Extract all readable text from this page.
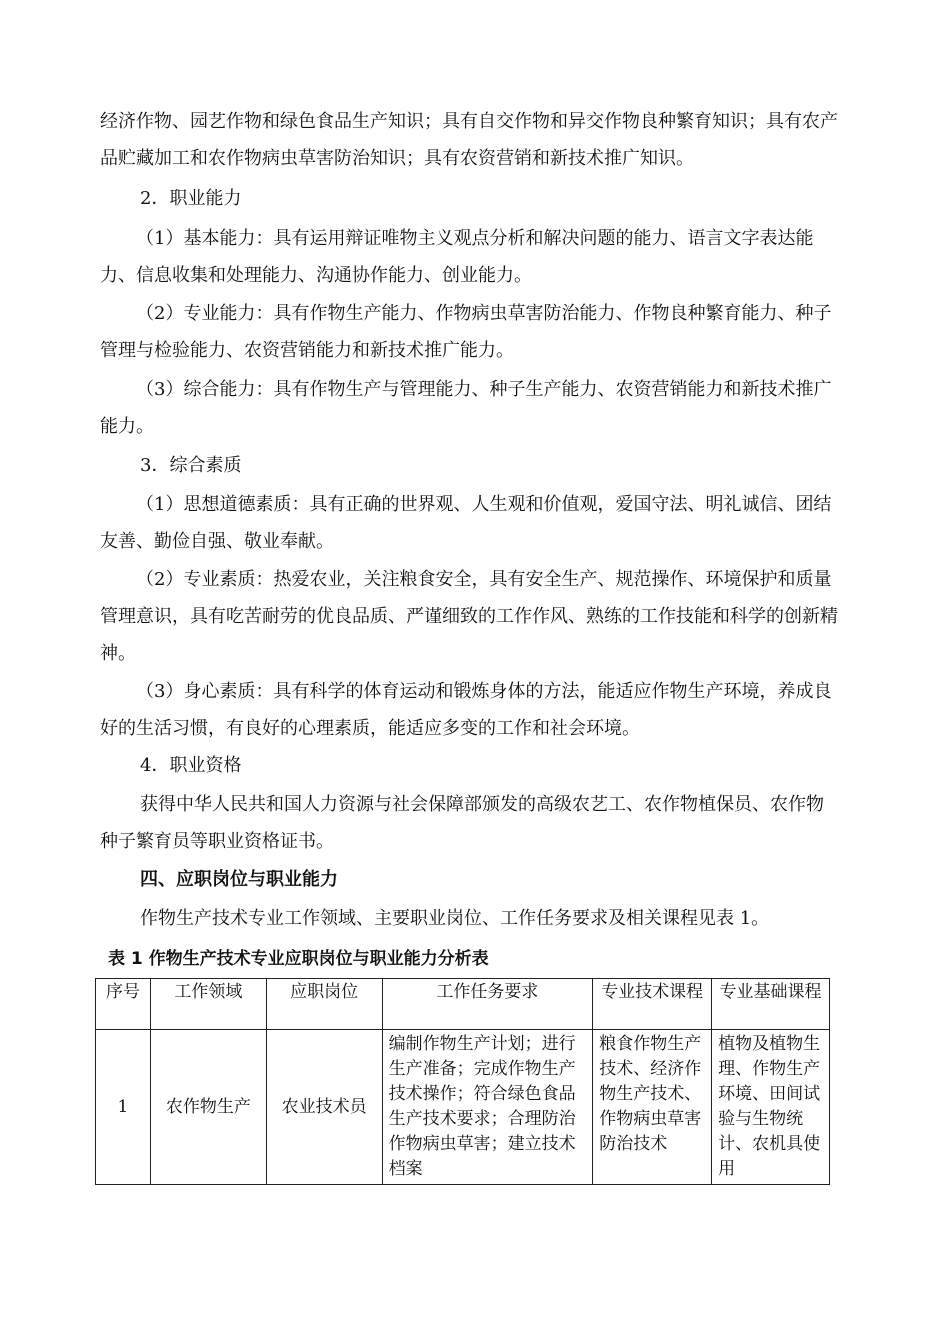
经济作物、园艺作物和绿色食品生产知识；具有自交作物和异交作物良种繁育知识；具有农产品贮藏加工和农作物病虫草害防治知识；具有农资营销和新技术推广知识。

2．职业能力

（1）基本能力：具有运用辩证唯物主义观点分析和解决问题的能力、语言文字表达能力、信息收集和处理能力、沟通协作能力、创业能力。

（2）专业能力：具有作物生产能力、作物病虫草害防治能力、作物良种繁育能力、种子管理与检验能力、农资营销能力和新技术推广能力。

（3）综合能力：具有作物生产与管理能力、种子生产能力、农资营销能力和新技术推广能力。

3．综合素质

（1）思想道德素质：具有正确的世界观、人生观和价值观，爱国守法、明礼诚信、团结友善、勤俭自强、敬业奉献。

（2）专业素质：热爱农业，关注粮食安全，具有安全生产、规范操作、环境保护和质量管理意识，具有吃苦耐劳的优良品质、严谨细致的工作作风、熟练的工作技能和科学的创新精神。

（3）身心素质：具有科学的体育运动和锻炼身体的方法，能适应作物生产环境，养成良好的生活习惯，有良好的心理素质，能适应多变的工作和社会环境。

4．职业资格

获得中华人民共和国人力资源与社会保障部颁发的高级农艺工、农作物植保员、农作物种子繁育员等职业资格证书。

四、应职岗位与职业能力

作物生产技术专业工作领域、主要职业岗位、工作任务要求及相关课程见表 1。

表 1 作物生产技术专业应职岗位与职业能力分析表

序号	工作领域	应职岗位	工作任务要求	专业技术课程	专业基础课程
1	农作物生产	农业技术员	编制作物生产计划；进行生产准备；完成作物生产技术操作；符合绿色食品生产技术要求；合理防治作物病虫草害；建立技术档案	粮食作物生产技术、经济作物生产技术、作物病虫草害防治技术	植物及植物生理、作物生产环境、田间试验与生物统计、农机具使用
